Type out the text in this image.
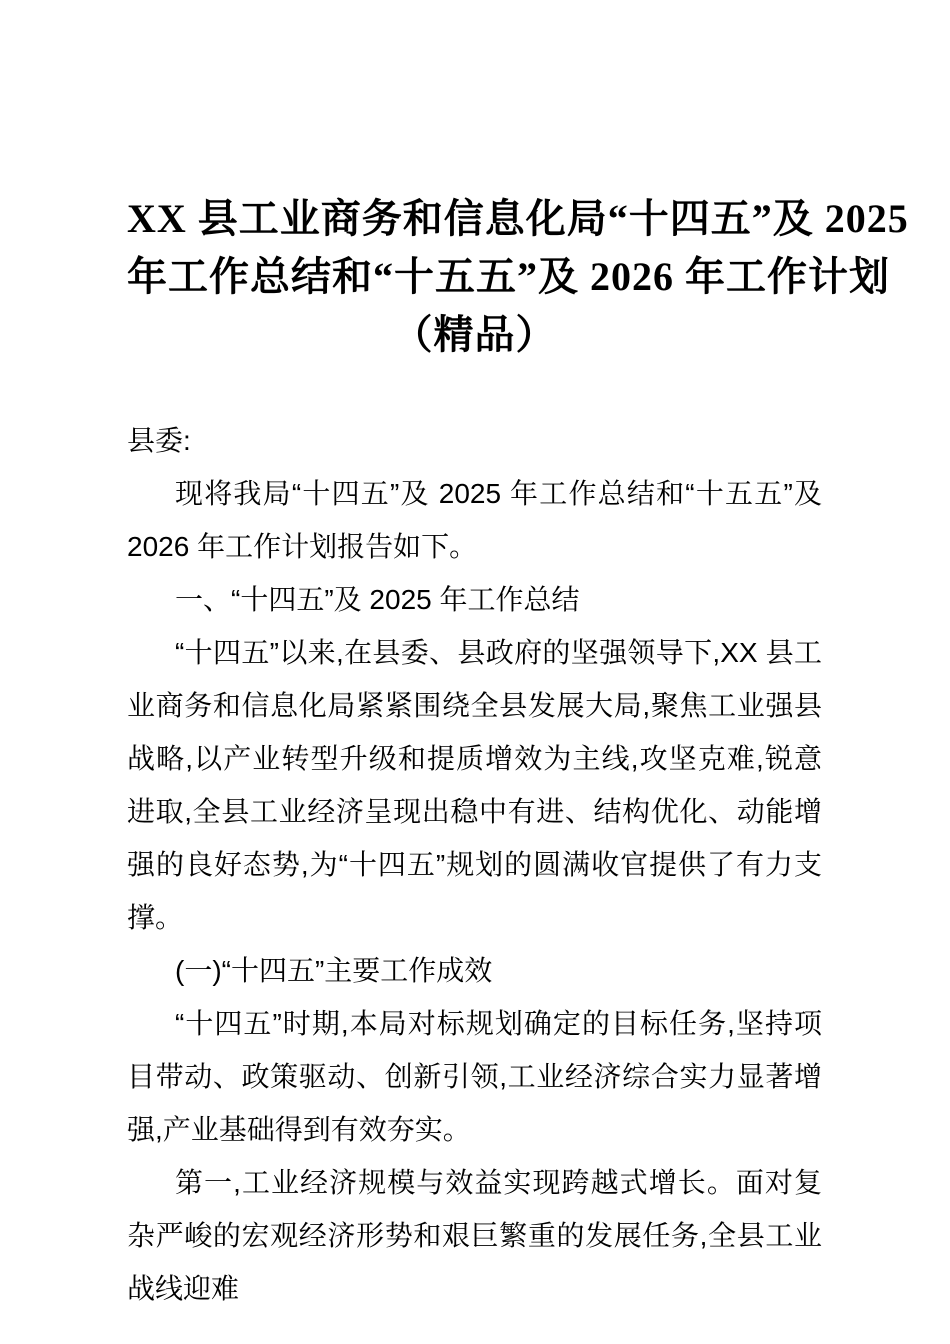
XX 县工业商务和信息化局“十四五”及 2025
年工作总结和“十五五”及 2026 年工作计划
（精品）

县委:

现将我局“十四五”及 2025 年工作总结和“十五五”及 2026 年工作计划报告如下。

一、“十四五”及 2025 年工作总结

“十四五”以来,在县委、县政府的坚强领导下,XX 县工业商务和信息化局紧紧围绕全县发展大局,聚焦工业强县战略,以产业转型升级和提质增效为主线,攻坚克难,锐意进取,全县工业经济呈现出稳中有进、结构优化、动能增强的良好态势,为“十四五”规划的圆满收官提供了有力支撑。

(一)“十四五”主要工作成效

“十四五”时期,本局对标规划确定的目标任务,坚持项目带动、政策驱动、创新引领,工业经济综合实力显著增强,产业基础得到有效夯实。

第一,工业经济规模与效益实现跨越式增长。面对复杂严峻的宏观经济形势和艰巨繁重的发展任务,全县工业战线迎难
